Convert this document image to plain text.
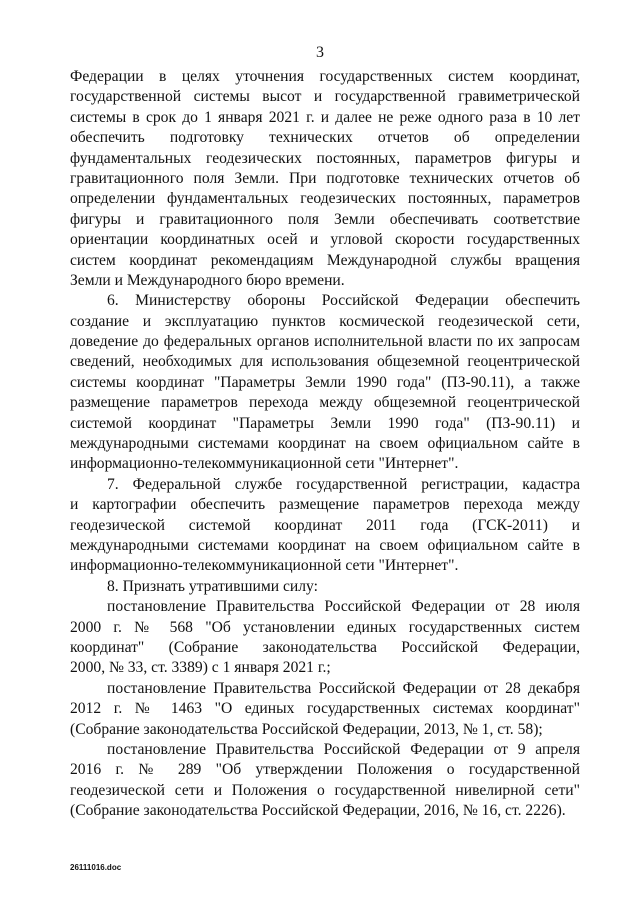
3
Федерации в целях уточнения государственных систем координат,
государственной системы высот и государственной гравиметрической
системы в срок до 1 января 2021 г. и далее не реже одного раза в 10 лет
обеспечить подготовку технических отчетов об определении
фундаментальных геодезических постоянных, параметров фигуры и
гравитационного поля Земли. При подготовке технических отчетов об
определении фундаментальных геодезических постоянных, параметров
фигуры и гравитационного поля Земли обеспечивать соответствие
ориентации координатных осей и угловой скорости государственных
систем координат рекомендациям Международной службы вращения
Земли и Международного бюро времени.
6. Министерству обороны Российской Федерации обеспечить
создание и эксплуатацию пунктов космической геодезической сети,
доведение до федеральных органов исполнительной власти по их запросам
сведений, необходимых для использования общеземной геоцентрической
системы координат "Параметры Земли 1990 года" (ПЗ-90.11), а также
размещение параметров перехода между общеземной геоцентрической
системой координат "Параметры Земли 1990 года" (ПЗ-90.11) и
международными системами координат на своем официальном сайте в
информационно-телекоммуникационной сети "Интернет".
7. Федеральной службе государственной регистрации, кадастра
и картографии обеспечить размещение параметров перехода между
геодезической системой координат 2011 года (ГСК-2011) и
международными системами координат на своем официальном сайте в
информационно-телекоммуникационной сети "Интернет".
8. Признать утратившими силу:
постановление Правительства Российской Федерации от 28 июля
2000 г. № 568 "Об установлении единых государственных систем
координат" (Собрание законодательства Российской Федерации,
2000, № 33, ст. 3389) с 1 января 2021 г.;
постановление Правительства Российской Федерации от 28 декабря
2012 г. № 1463 "О единых государственных системах координат"
(Собрание законодательства Российской Федерации, 2013, № 1, ст. 58);
постановление Правительства Российской Федерации от 9 апреля
2016 г. № 289 "Об утверждении Положения о государственной
геодезической сети и Положения о государственной нивелирной сети"
(Собрание законодательства Российской Федерации, 2016, № 16, ст. 2226).
26111016.doc
